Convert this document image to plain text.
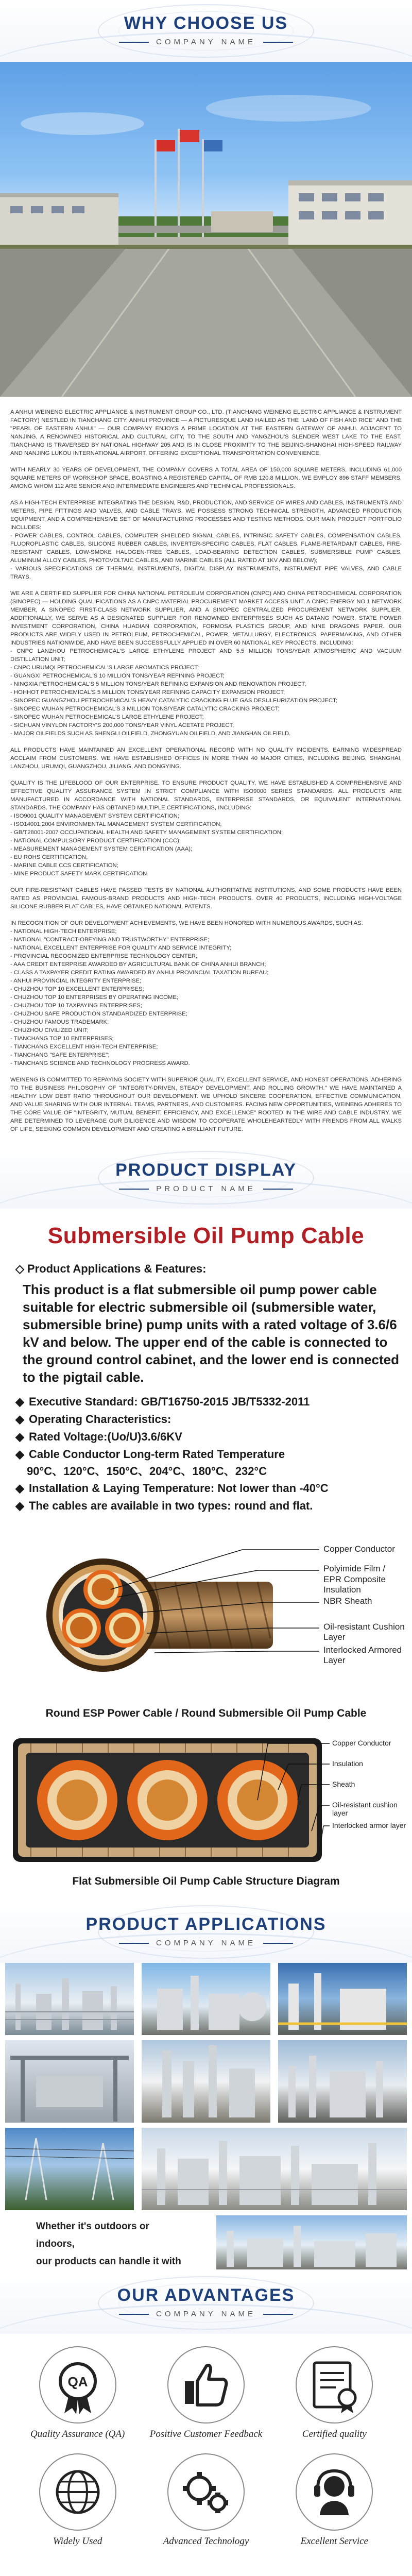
WHY CHOOSE US
COMPANY NAME

A ANHUI WEINENG ELECTRIC APPLIANCE & INSTRUMENT GROUP CO., LTD. (TIANCHANG WEINENG ELECTRIC APPLIANCE & INSTRUMENT FACTORY) NESTLED IN TIANCHANG CITY, ANHUI PROVINCE — A PICTURESQUE LAND HAILED AS THE "LAND OF FISH AND RICE" AND THE "PEARL OF EASTERN ANHUI" — OUR COMPANY ENJOYS A PRIME LOCATION AT THE EASTERN GATEWAY OF ANHUI. ADJACENT TO NANJING, A RENOWNED HISTORICAL AND CULTURAL CITY, TO THE SOUTH AND YANGZHOU'S SLENDER WEST LAKE TO THE EAST, TIANCHANG IS TRAVERSED BY NATIONAL HIGHWAY 205 AND IS IN CLOSE PROXIMITY TO THE BEIJING-SHANGHAI HIGH-SPEED RAILWAY AND NANJING LUKOU INTERNATIONAL AIRPORT, OFFERING EXCEPTIONAL TRANSPORTATION CONVENIENCE.

WITH NEARLY 30 YEARS OF DEVELOPMENT, THE COMPANY COVERS A TOTAL AREA OF 150,000 SQUARE METERS, INCLUDING 61,000 SQUARE METERS OF WORKSHOP SPACE, BOASTING A REGISTERED CAPITAL OF RMB 120.8 MILLION. WE EMPLOY 896 STAFF MEMBERS, AMONG WHOM 112 ARE SENIOR AND INTERMEDIATE ENGINEERS AND TECHNICAL PROFESSIONALS.

AS A HIGH-TECH ENTERPRISE INTEGRATING THE DESIGN, R&D, PRODUCTION, AND SERVICE OF WIRES AND CABLES, INSTRUMENTS AND METERS, PIPE FITTINGS AND VALVES, AND CABLE TRAYS, WE POSSESS STRONG TECHNICAL STRENGTH, ADVANCED PRODUCTION EQUIPMENT, AND A COMPREHENSIVE SET OF MANUFACTURING PROCESSES AND TESTING METHODS. OUR MAIN PRODUCT PORTFOLIO INCLUDES:
- POWER CABLES, CONTROL CABLES, COMPUTER SHIELDED SIGNAL CABLES, INTRINSIC SAFETY CABLES, COMPENSATION CABLES, FLUOROPLASTIC CABLES, SILICONE RUBBER CABLES, INVERTER-SPECIFIC CABLES, FLAT CABLES, FLAME-RETARDANT CABLES, FIRE-RESISTANT CABLES, LOW-SMOKE HALOGEN-FREE CABLES, LOAD-BEARING DETECTION CABLES, SUBMERSIBLE PUMP CABLES, ALUMINUM ALLOY CABLES, PHOTOVOLTAIC CABLES, AND MARINE CABLES (ALL RATED AT 1KV AND BELOW);
- VARIOUS SPECIFICATIONS OF THERMAL INSTRUMENTS, DIGITAL DISPLAY INSTRUMENTS, INSTRUMENT PIPE VALVES, AND CABLE TRAYS.

WE ARE A CERTIFIED SUPPLIER FOR CHINA NATIONAL PETROLEUM CORPORATION (CNPC) AND CHINA PETROCHEMICAL CORPORATION (SINOPEC) — HOLDING QUALIFICATIONS AS A CNPC MATERIAL PROCUREMENT MARKET ACCESS UNIT, A CNPC ENERGY NO.1 NETWORK MEMBER, A SINOPEC FIRST-CLASS NETWORK SUPPLIER, AND A SINOPEC CENTRALIZED PROCUREMENT NETWORK SUPPLIER. ADDITIONALLY, WE SERVE AS A DESIGNATED SUPPLIER FOR RENOWNED ENTERPRISES SUCH AS DATANG POWER, STATE POWER INVESTMENT CORPORATION, CHINA HUADIAN CORPORATION, FORMOSA PLASTICS GROUP, AND NINE DRAGONS PAPER. OUR PRODUCTS ARE WIDELY USED IN PETROLEUM, PETROCHEMICAL, POWER, METALLURGY, ELECTRONICS, PAPERMAKING, AND OTHER INDUSTRIES NATIONWIDE, AND HAVE BEEN SUCCESSFULLY APPLIED IN OVER 60 NATIONAL KEY PROJECTS, INCLUDING:
- CNPC LANZHOU PETROCHEMICAL'S LARGE ETHYLENE PROJECT AND 5.5 MILLION TONS/YEAR ATMOSPHERIC AND VACUUM DISTILLATION UNIT;
- CNPC URUMQI PETROCHEMICAL'S LARGE AROMATICS PROJECT;
- GUANGXI PETROCHEMICAL'S 10 MILLION TONS/YEAR REFINING PROJECT;
- NINGXIA PETROCHEMICAL'S 5 MILLION TONS/YEAR REFINING EXPANSION AND RENOVATION PROJECT;
- HOHHOT PETROCHEMICAL'S 5 MILLION TONS/YEAR REFINING CAPACITY EXPANSION PROJECT;
- SINOPEC GUANGZHOU PETROCHEMICAL'S HEAVY CATALYTIC CRACKING FLUE GAS DESULFURIZATION PROJECT;
- SINOPEC WUHAN PETROCHEMICAL'S 3 MILLION TONS/YEAR CATALYTIC CRACKING PROJECT;
- SINOPEC WUHAN PETROCHEMICAL'S LARGE ETHYLENE PROJECT;
- SICHUAN VINYLON FACTORY'S 200,000 TONS/YEAR VINYL ACETATE PROJECT;
- MAJOR OILFIELDS SUCH AS SHENGLI OILFIELD, ZHONGYUAN OILFIELD, AND JIANGHAN OILFIELD.

ALL PRODUCTS HAVE MAINTAINED AN EXCELLENT OPERATIONAL RECORD WITH NO QUALITY INCIDENTS, EARNING WIDESPREAD ACCLAIM FROM CUSTOMERS. WE HAVE ESTABLISHED OFFICES IN MORE THAN 40 MAJOR CITIES, INCLUDING BEIJING, SHANGHAI, LANZHOU, URUMQI, GUANGZHOU, JILIANG, AND DONGYING.

QUALITY IS THE LIFEBLOOD OF OUR ENTERPRISE. TO ENSURE PRODUCT QUALITY, WE HAVE ESTABLISHED A COMPREHENSIVE AND EFFECTIVE QUALITY ASSURANCE SYSTEM IN STRICT COMPLIANCE WITH ISO9000 SERIES STANDARDS. ALL PRODUCTS ARE MANUFACTURED IN ACCORDANCE WITH NATIONAL STANDARDS, ENTERPRISE STANDARDS, OR EQUIVALENT INTERNATIONAL STANDARDS. THE COMPANY HAS OBTAINED MULTIPLE CERTIFICATIONS, INCLUDING:
- ISO9001 QUALITY MANAGEMENT SYSTEM CERTIFICATION;
- ISO14001:2004 ENVIRONMENTAL MANAGEMENT SYSTEM CERTIFICATION;
- GB/T28001-2007 OCCUPATIONAL HEALTH AND SAFETY MANAGEMENT SYSTEM CERTIFICATION;
- NATIONAL COMPULSORY PRODUCT CERTIFICATION (CCC);
- MEASUREMENT MANAGEMENT SYSTEM CERTIFICATION (AAA);
- EU ROHS CERTIFICATION;
- MARINE CABLE CCS CERTIFICATION;
- MINE PRODUCT SAFETY MARK CERTIFICATION.

OUR FIRE-RESISTANT CABLES HAVE PASSED TESTS BY NATIONAL AUTHORITATIVE INSTITUTIONS, AND SOME PRODUCTS HAVE BEEN RATED AS PROVINCIAL FAMOUS-BRAND PRODUCTS AND HIGH-TECH PRODUCTS. OVER 40 PRODUCTS, INCLUDING HIGH-VOLTAGE SILICONE RUBBER FLAT CABLES, HAVE OBTAINED NATIONAL PATENTS.

IN RECOGNITION OF OUR DEVELOPMENT ACHIEVEMENTS, WE HAVE BEEN HONORED WITH NUMEROUS AWARDS, SUCH AS:
- NATIONAL HIGH-TECH ENTERPRISE;
- NATIONAL "CONTRACT-OBEYING AND TRUSTWORTHY" ENTERPRISE;
- NATIONAL EXCELLENT ENTERPRISE FOR QUALITY AND SERVICE INTEGRITY;
- PROVINCIAL RECOGNIZED ENTERPRISE TECHNOLOGY CENTER;
- AAA CREDIT ENTERPRISE AWARDED BY AGRICULTURAL BANK OF CHINA ANHUI BRANCH;
- CLASS A TAXPAYER CREDIT RATING AWARDED BY ANHUI PROVINCIAL TAXATION BUREAU;
- ANHUI PROVINCIAL INTEGRITY ENTERPRISE;
- CHUZHOU TOP 10 EXCELLENT ENTERPRISES;
- CHUZHOU TOP 10 ENTERPRISES BY OPERATING INCOME;
- CHUZHOU TOP 10 TAXPAYING ENTERPRISES;
- CHUZHOU SAFE PRODUCTION STANDARDIZED ENTERPRISE;
- CHUZHOU FAMOUS TRADEMARK;
- CHUZHOU CIVILIZED UNIT;
- TIANCHANG TOP 10 ENTERPRISES;
- TIANCHANG EXCELLENT HIGH-TECH ENTERPRISE;
- TIANCHANG "SAFE ENTERPRISE";
- TIANCHANG SCIENCE AND TECHNOLOGY PROGRESS AWARD.

WEINENG IS COMMITTED TO REPAYING SOCIETY WITH SUPERIOR QUALITY, EXCELLENT SERVICE, AND HONEST OPERATIONS, ADHERING TO THE BUSINESS PHILOSOPHY OF "INTEGRITY-DRIVEN, STEADY DEVELOPMENT, AND ROLLING GROWTH." WE HAVE MAINTAINED A HEALTHY LOW DEBT RATIO THROUGHOUT OUR DEVELOPMENT. WE UPHOLD SINCERE COOPERATION, EFFECTIVE COMMUNICATION, AND VALUE SHARING WITH OUR INTERNAL TEAMS, PARTNERS, AND CUSTOMERS. FACING NEW OPPORTUNITIES, WEINENG ADHERES TO THE CORE VALUE OF "INTEGRITY, MUTUAL BENEFIT, EFFICIENCY, AND EXCELLENCE" ROOTED IN THE WIRE AND CABLE INDUSTRY. WE ARE DETERMINED TO LEVERAGE OUR DILIGENCE AND WISDOM TO COOPERATE WHOLEHEARTEDLY WITH FRIENDS FROM ALL WALKS OF LIFE, SEEKING COMMON DEVELOPMENT AND CREATING A BRILLIANT FUTURE.

PRODUCT DISPLAY
PRODUCT NAME
Submersible Oil Pump Cable
◇ Product Applications & Features:
This product is a flat submersible oil pump power cable suitable for electric submersible oil (submersible water, submersible brine) pump units with a rated voltage of 3.6/6 kV and below. The upper end of the cable is connected to the ground control cabinet, and the lower end is connected to the pigtail cable.
◆ Executive Standard: GB/T16750-2015 JB/T5332-2011
◆ Operating Characteristics:
◆ Rated Voltage:(Uo/U)3.6/6KV
◆ Cable Conductor Long-term Rated Temperature
90°C、120°C、150°C、204°C、180°C、232°C
◆ Installation & Laying Temperature: Not lower than -40°C
◆ The cables are available in two types: round and flat.
Copper Conductor
Polyimide Film /
EPR Composite Insulation
NBR Sheath
Oil-resistant Cushion Layer
Interlocked Armored Layer
Round ESP Power Cable / Round Submersible Oil Pump Cable
Copper Conductor
Insulation
Sheath
Oil-resistant cushion layer
Interlocked armor layer
Flat Submersible Oil Pump Cable Structure Diagram
PRODUCT APPLICATIONS
COMPANY NAME
Whether it's outdoors or indoors,
our products can handle it with
OUR ADVANTAGES
COMPANY NAME
QA
Quality Assurance (QA)	Positive Customer Feedback	Certified quality
Widely Used	Advanced Technology	Excellent Service
